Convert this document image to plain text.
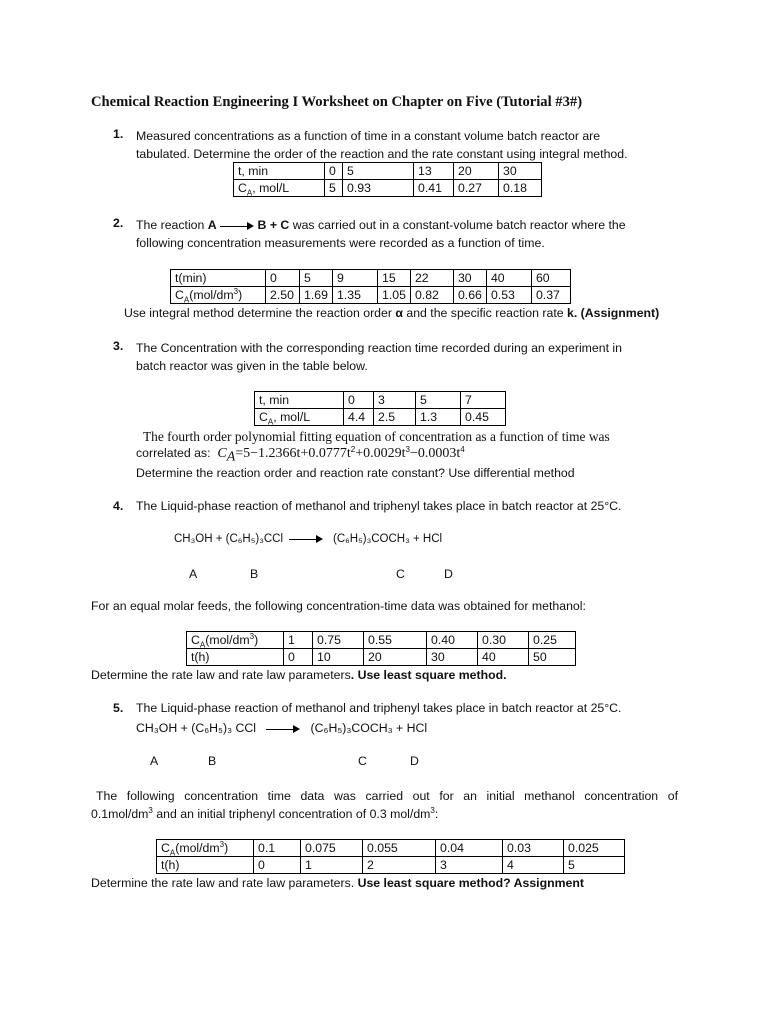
Chemical Reaction Engineering I Worksheet on Chapter on Five (Tutorial #3#)
1. Measured concentrations as a function of time in a constant volume batch reactor are
tabulated. Determine the order of the reaction and the rate constant using integral method.
t, min	0	5	13	20	30
$C_A$, mol/L	5	0.93	0.41	0.27	0.18
2. The reaction A	B + C was carried out in a constant-volume batch reactor where the
following concentration measurements were recorded as a function of time.
t(min)	0	5	9	15	22	30	40	60
$C_A(mol/dm^3)$	2.50	1.69	1.35	1.05	0.82	0.66	0.53	0.37
Use integral method determine the reaction order α and the specific reaction rate k. (Assignment)
3. The Concentration with the corresponding reaction time recorded during an experiment in
batch reactor was given in the table below.
t, min	0	3	5	7
$C_A$, mol/L	4.4	2.5	1.3	0.45
The fourth order polynomial fitting equation of concentration as a function of time was
correlated as: $C_A=5-1.2366t+0.0777t^2+0.0029t^3-0.0003t^4$
Determine the reaction order and reaction rate constant? Use differential method
4. The Liquid-phase reaction of methanol and triphenyl takes place in batch reactor at 25°C.
CH₃OH + (C₆H₅)₃CCl	(C₆H₅)₃COCH₃ + HCl
A	B	C	D
For an equal molar feeds, the following concentration-time data was obtained for methanol:
$C_A(mol/dm^3)$	1	0.75	0.55	0.40	0.30	0.25
t(h)	0	10	20	30	40	50
Determine the rate law and rate law parameters. Use least square method.
5. The Liquid-phase reaction of methanol and triphenyl takes place in batch reactor at 25°C.
CH₃OH + (C₆H₅)₃ CCl	(C₆H₅)₃COCH₃ + HCl
A	B	C	D
The following concentration time data was carried out for an initial methanol concentration of
$0.1mol/dm^3$ and an initial triphenyl concentration of 0.3 mol/$dm^3$:
$C_A(mol/dm^3)$	0.1	0.075	0.055	0.04	0.03	0.025
t(h)	0	1	2	3	4	5
Determine the rate law and rate law parameters. Use least square method? Assignment
